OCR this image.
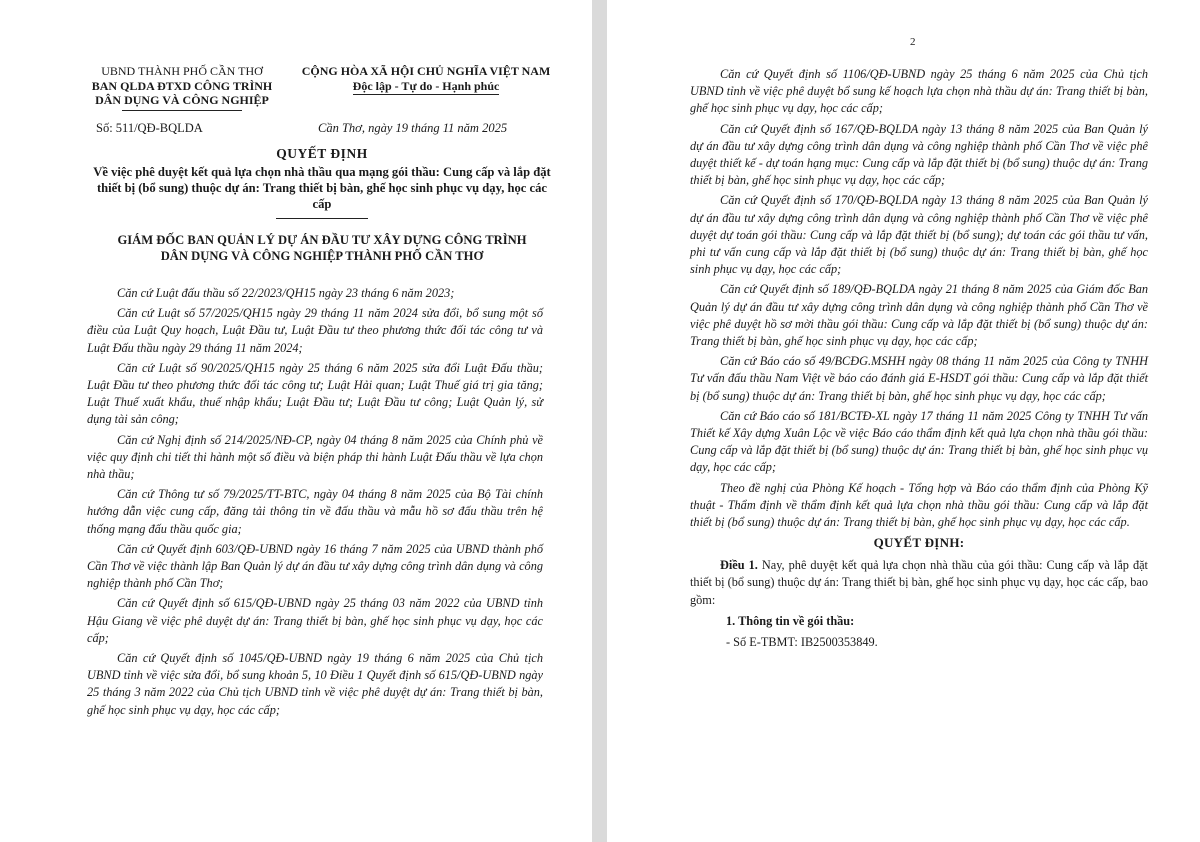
UBND THÀNH PHỐ CẦN THƠ
BAN QLDA ĐTXD CÔNG TRÌNH
DÂN DỤNG VÀ CÔNG NGHIỆP
CỘNG HÒA XÃ HỘI CHỦ NGHĨA VIỆT NAM
Độc lập - Tự do - Hạnh phúc
Số: 511/QĐ-BQLDA	Cần Thơ, ngày 19 tháng 11 năm 2025
QUYẾT ĐỊNH
Về việc phê duyệt kết quả lựa chọn nhà thầu qua mạng gói thầu: Cung cấp và lắp đặt thiết bị (bổ sung) thuộc dự án: Trang thiết bị bàn, ghế học sinh phục vụ dạy, học các cấp
GIÁM ĐỐC BAN QUẢN LÝ DỰ ÁN ĐẦU TƯ XÂY DỰNG CÔNG TRÌNH
DÂN DỤNG VÀ CÔNG NGHIỆP THÀNH PHỐ CẦN THƠ

Căn cứ Luật đấu thầu số 22/2023/QH15 ngày 23 tháng 6 năm 2023;

Căn cứ Luật số 57/2025/QH15 ngày 29 tháng 11 năm 2024 sửa đổi, bổ sung một số điều của Luật Quy hoạch, Luật Đầu tư, Luật Đầu tư theo phương thức đối tác công tư và Luật Đấu thầu ngày 29 tháng 11 năm 2024;

Căn cứ Luật số 90/2025/QH15 ngày 25 tháng 6 năm 2025 sửa đổi Luật Đấu thầu; Luật Đầu tư theo phương thức đối tác công tư; Luật Hải quan; Luật Thuế giá trị gia tăng; Luật Thuế xuất khẩu, thuế nhập khẩu; Luật Đầu tư; Luật Đầu tư công; Luật Quản lý, sử dụng tài sản công;

Căn cứ Nghị định số 214/2025/NĐ-CP, ngày 04 tháng 8 năm 2025 của Chính phủ về việc quy định chi tiết thi hành một số điều và biện pháp thi hành Luật Đấu thầu về lựa chọn nhà thầu;

Căn cứ Thông tư số 79/2025/TT-BTC, ngày 04 tháng 8 năm 2025 của Bộ Tài chính hướng dẫn việc cung cấp, đăng tải thông tin về đấu thầu và mẫu hồ sơ đấu thầu trên hệ thống mạng đấu thầu quốc gia;

Căn cứ Quyết định 603/QĐ-UBND ngày 16 tháng 7 năm 2025 của UBND thành phố Cần Thơ về việc thành lập Ban Quản lý dự án đầu tư xây dựng công trình dân dụng và công nghiệp thành phố Cần Thơ;

Căn cứ Quyết định số 615/QĐ-UBND ngày 25 tháng 03 năm 2022 của UBND tỉnh Hậu Giang về việc phê duyệt dự án: Trang thiết bị bàn, ghế học sinh phục vụ dạy, học các cấp;

Căn cứ Quyết định số 1045/QĐ-UBND ngày 19 tháng 6 năm 2025 của Chủ tịch UBND tỉnh về việc sửa đổi, bổ sung khoản 5, 10 Điều 1 Quyết định số 615/QĐ-UBND ngày 25 tháng 3 năm 2022 của Chủ tịch UBND tỉnh về việc phê duyệt dự án: Trang thiết bị bàn, ghế học sinh phục vụ dạy, học các cấp;

2

Căn cứ Quyết định số 1106/QĐ-UBND ngày 25 tháng 6 năm 2025 của Chủ tịch UBND tỉnh về việc phê duyệt bổ sung kế hoạch lựa chọn nhà thầu dự án: Trang thiết bị bàn, ghế học sinh phục vụ dạy, học các cấp;

Căn cứ Quyết định số 167/QĐ-BQLDA ngày 13 tháng 8 năm 2025 của Ban Quản lý dự án đầu tư xây dựng công trình dân dụng và công nghiệp thành phố Cần Thơ về việc phê duyệt thiết kế - dự toán hạng mục: Cung cấp và lắp đặt thiết bị (bổ sung) thuộc dự án: Trang thiết bị bàn, ghế học sinh phục vụ dạy, học các cấp;

Căn cứ Quyết định số 170/QĐ-BQLDA ngày 13 tháng 8 năm 2025 của Ban Quản lý dự án đầu tư xây dựng công trình dân dụng và công nghiệp thành phố Cần Thơ về việc phê duyệt dự toán gói thầu: Cung cấp và lắp đặt thiết bị (bổ sung); dự toán các gói thầu tư vấn, phi tư vấn cung cấp và lắp đặt thiết bị (bổ sung) thuộc dự án: Trang thiết bị bàn, ghế học sinh phục vụ dạy, học các cấp;

Căn cứ Quyết định số 189/QĐ-BQLDA ngày 21 tháng 8 năm 2025 của Giám đốc Ban Quản lý dự án đầu tư xây dựng công trình dân dụng và công nghiệp thành phố Cần Thơ về việc phê duyệt hồ sơ mời thầu gói thầu: Cung cấp và lắp đặt thiết bị (bổ sung) thuộc dự án: Trang thiết bị bàn, ghế học sinh phục vụ dạy, học các cấp;

Căn cứ Báo cáo số 49/BCĐG.MSHH ngày 08 tháng 11 năm 2025 của Công ty TNHH Tư vấn đấu thầu Nam Việt về báo cáo đánh giá E-HSDT gói thầu: Cung cấp và lắp đặt thiết bị (bổ sung) thuộc dự án: Trang thiết bị bàn, ghế học sinh phục vụ dạy, học các cấp;

Căn cứ Báo cáo số 181/BCTĐ-XL ngày 17 tháng 11 năm 2025 Công ty TNHH Tư vấn Thiết kế Xây dựng Xuân Lộc về việc Báo cáo thẩm định kết quả lựa chọn nhà thầu gói thầu: Cung cấp và lắp đặt thiết bị (bổ sung) thuộc dự án: Trang thiết bị bàn, ghế học sinh phục vụ dạy, học các cấp;

Theo đề nghị của Phòng Kế hoạch - Tổng hợp và Báo cáo thẩm định của Phòng Kỹ thuật - Thẩm định về thẩm định kết quả lựa chọn nhà thầu gói thầu: Cung cấp và lắp đặt thiết bị (bổ sung) thuộc dự án: Trang thiết bị bàn, ghế học sinh phục vụ dạy, học các cấp.

QUYẾT ĐỊNH:

Điều 1. Nay, phê duyệt kết quả lựa chọn nhà thầu của gói thầu: Cung cấp và lắp đặt thiết bị (bổ sung) thuộc dự án: Trang thiết bị bàn, ghế học sinh phục vụ dạy, học các cấp, bao gồm:

1. Thông tin về gói thầu:
- Số E-TBMT: IB2500353849.
